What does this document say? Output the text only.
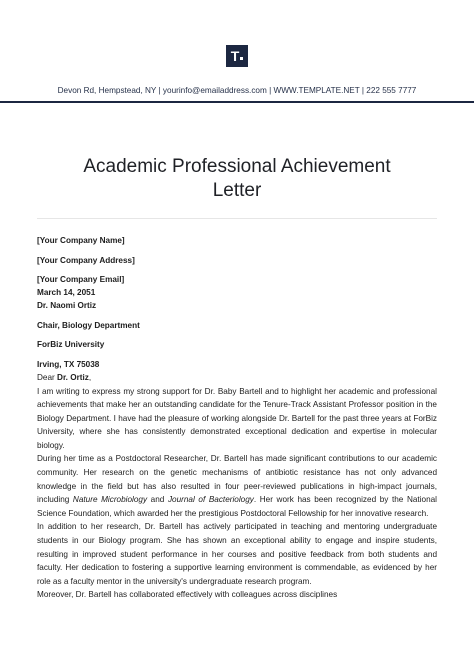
T
Devon Rd, Hempstead, NY | yourinfo@emailaddress.com | WWW.TEMPLATE.NET | 222 555 7777
Academic Professional Achievement
Letter
[Your Company Name]
[Your Company Address]
[Your Company Email]
March 14, 2051
Dr. Naomi Ortiz
Chair, Biology Department
ForBiz University
Irving, TX 75038
Dear Dr. Ortiz,

I am writing to express my strong support for Dr. Baby Bartell and to highlight her academic and professional achievements that make her an outstanding candidate for the Tenure-Track Assistant Professor position in the Biology Department. I have had the pleasure of working alongside Dr. Bartell for the past three years at ForBiz University, where she has consistently demonstrated exceptional dedication and expertise in molecular biology.

During her time as a Postdoctoral Researcher, Dr. Bartell has made significant contributions to our academic community. Her research on the genetic mechanisms of antibiotic resistance has not only advanced knowledge in the field but has also resulted in four peer-reviewed publications in high-impact journals, including Nature Microbiology and Journal of Bacteriology. Her work has been recognized by the National Science Foundation, which awarded her the prestigious Postdoctoral Fellowship for her innovative research.

In addition to her research, Dr. Bartell has actively participated in teaching and mentoring undergraduate students in our Biology program. She has shown an exceptional ability to engage and inspire students, resulting in improved student performance in her courses and positive feedback from both students and faculty. Her dedication to fostering a supportive learning environment is commendable, as evidenced by her role as a faculty mentor in the university's undergraduate research program.

Moreover, Dr. Bartell has collaborated effectively with colleagues across disciplines
